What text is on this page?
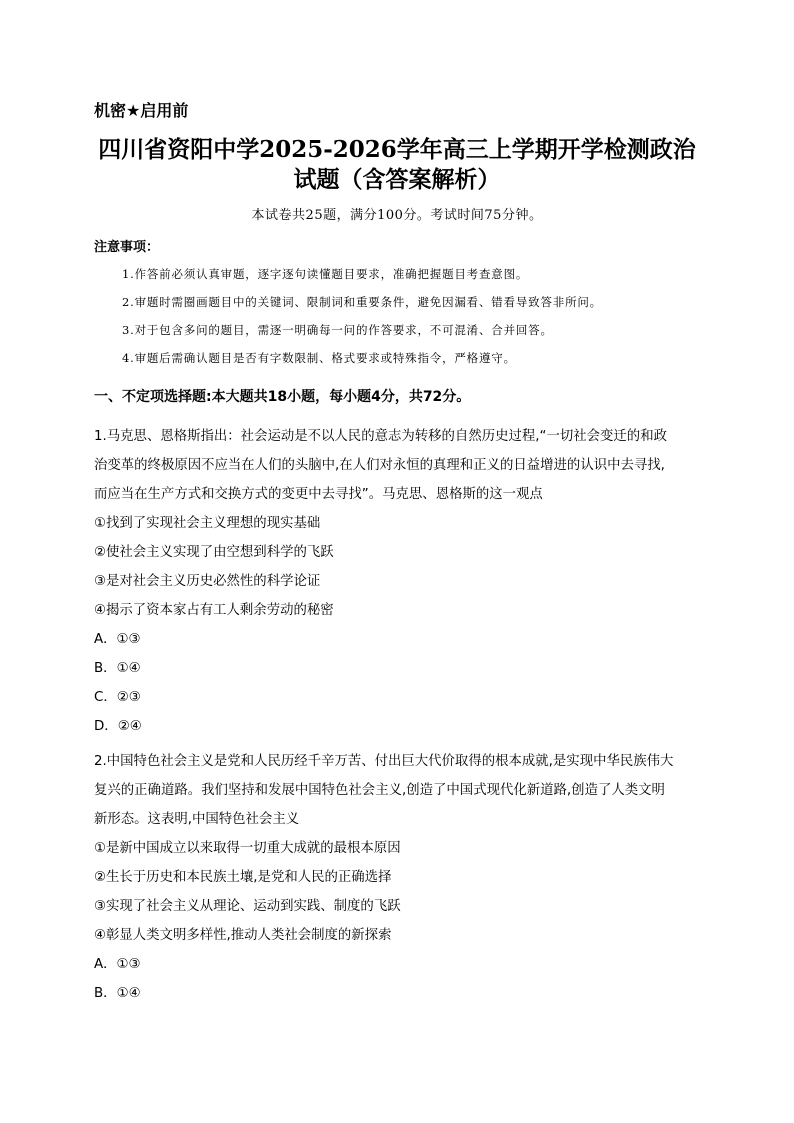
机密★启用前
四川省资阳中学2025-2026学年高三上学期开学检测政治
试题（含答案解析）
本试卷共25题，满分100分。考试时间75分钟。
注意事项：
1.作答前必须认真审题，逐字逐句读懂题目要求，准确把握题目考查意图。
2.审题时需圈画题目中的关键词、限制词和重要条件，避免因漏看、错看导致答非所问。
3.对于包含多问的题目，需逐一明确每一问的作答要求，不可混淆、合并回答。
4.审题后需确认题目是否有字数限制、格式要求或特殊指令，严格遵守。
一、不定项选择题:本大题共18小题，每小题4分，共72分。
1.马克思、恩格斯指出：社会运动是不以人民的意志为转移的自然历史过程,“一切社会变迁的和政
治变革的终极原因不应当在人们的头脑中,在人们对永恒的真理和正义的日益增进的认识中去寻找,
而应当在生产方式和交换方式的变更中去寻找”。马克思、恩格斯的这一观点
①找到了实现社会主义理想的现实基础
②使社会主义实现了由空想到科学的飞跃
③是对社会主义历史必然性的科学论证
④揭示了资本家占有工人剩余劳动的秘密
A．①③
B．①④
C．②③
D．②④
2.中国特色社会主义是党和人民历经千辛万苦、付出巨大代价取得的根本成就,是实现中华民族伟大
复兴的正确道路。我们坚持和发展中国特色社会主义,创造了中国式现代化新道路,创造了人类文明
新形态。这表明,中国特色社会主义
①是新中国成立以来取得一切重大成就的最根本原因
②生长于历史和本民族土壤,是党和人民的正确选择
③实现了社会主义从理论、运动到实践、制度的飞跃
④彰显人类文明多样性,推动人类社会制度的新探索
A．①③
B．①④
